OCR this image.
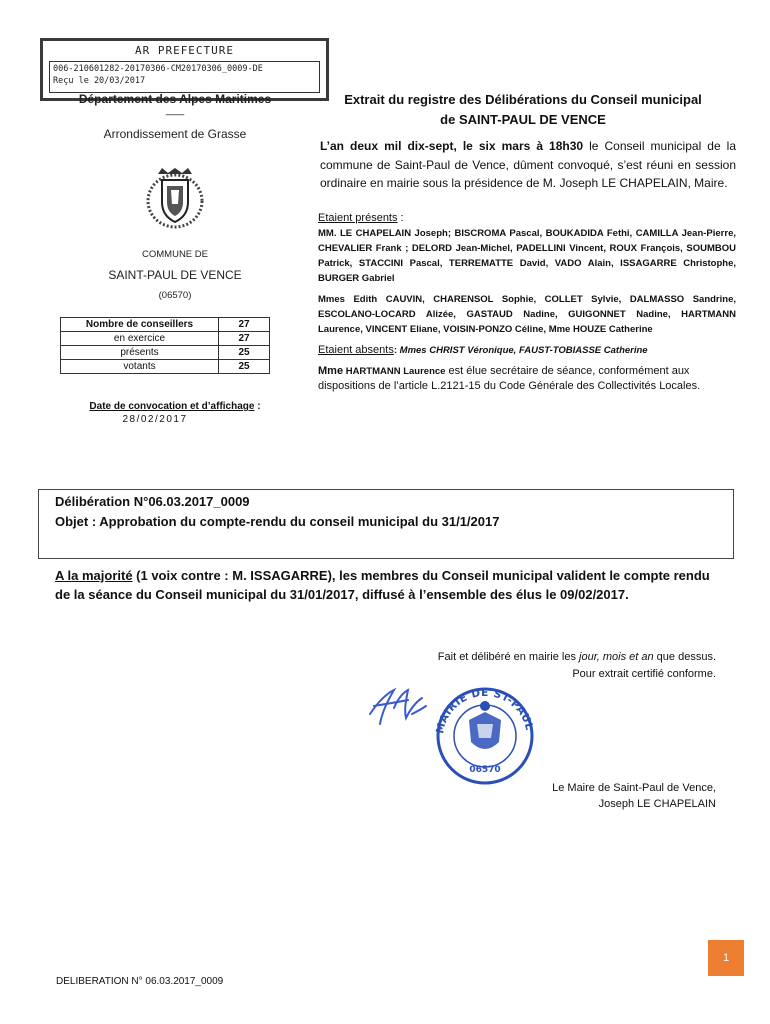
AR PREFECTURE
006-210601282-20170306-CM20170306_0009-DE
Reçu le 20/03/2017
Département des Alpes Maritimes
___
Arrondissement de Grasse
COMMUNE DE
SAINT-PAUL DE VENCE
(06570)
Nombre de conseillers	27
en exercice	27
présents	25
votants	25
Date de convocation et d’affichage :
28/02/2017
Extrait du registre des Délibérations du Conseil municipal
de SAINT-PAUL DE VENCE
L’an deux mil dix-sept, le six mars à 18h30 le Conseil municipal de la commune de Saint-Paul de Vence, dûment convoqué, s’est réuni en session ordinaire en mairie sous la présidence de M. Joseph LE CHAPELAIN, Maire.
Etaient présents :
MM. LE CHAPELAIN Joseph; BISCROMA Pascal, BOUKADIDA Fethi, CAMILLA Jean-Pierre, CHEVALIER Frank ; DELORD Jean-Michel, PADELLINI Vincent, ROUX François, SOUMBOU Patrick, STACCINI Pascal, TERREMATTE David, VADO Alain, ISSAGARRE Christophe, BURGER Gabriel
Mmes Edith CAUVIN, CHARENSOL Sophie, COLLET Sylvie, DALMASSO Sandrine, ESCOLANO-LOCARD Alizée, GASTAUD Nadine, GUIGONNET Nadine, HARTMANN Laurence, VINCENT Eliane, VOISIN-PONZO Céline, Mme HOUZE Catherine
Etaient absents: Mmes CHRIST Véronique, FAUST-TOBIASSE Catherine
Mme HARTMANN Laurence est élue secrétaire de séance, conformément aux dispositions de l’article L.2121-15 du Code Générale des Collectivités Locales.
Délibération N°06.03.2017_0009
Objet : Approbation du compte-rendu du conseil municipal du 31/1/2017
A la majorité (1 voix contre : M. ISSAGARRE), les membres du Conseil municipal valident le compte rendu de la séance du Conseil municipal du 31/01/2017, diffusé à l’ensemble des élus le 09/02/2017.
Fait et délibéré en mairie les jour, mois et an que dessus.
Pour extrait certifié conforme.
MAIRIE DE ST-PAUL
06570
Le Maire de Saint-Paul de Vence,
Joseph LE CHAPELAIN
1
DELIBERATION N° 06.03.2017_0009
